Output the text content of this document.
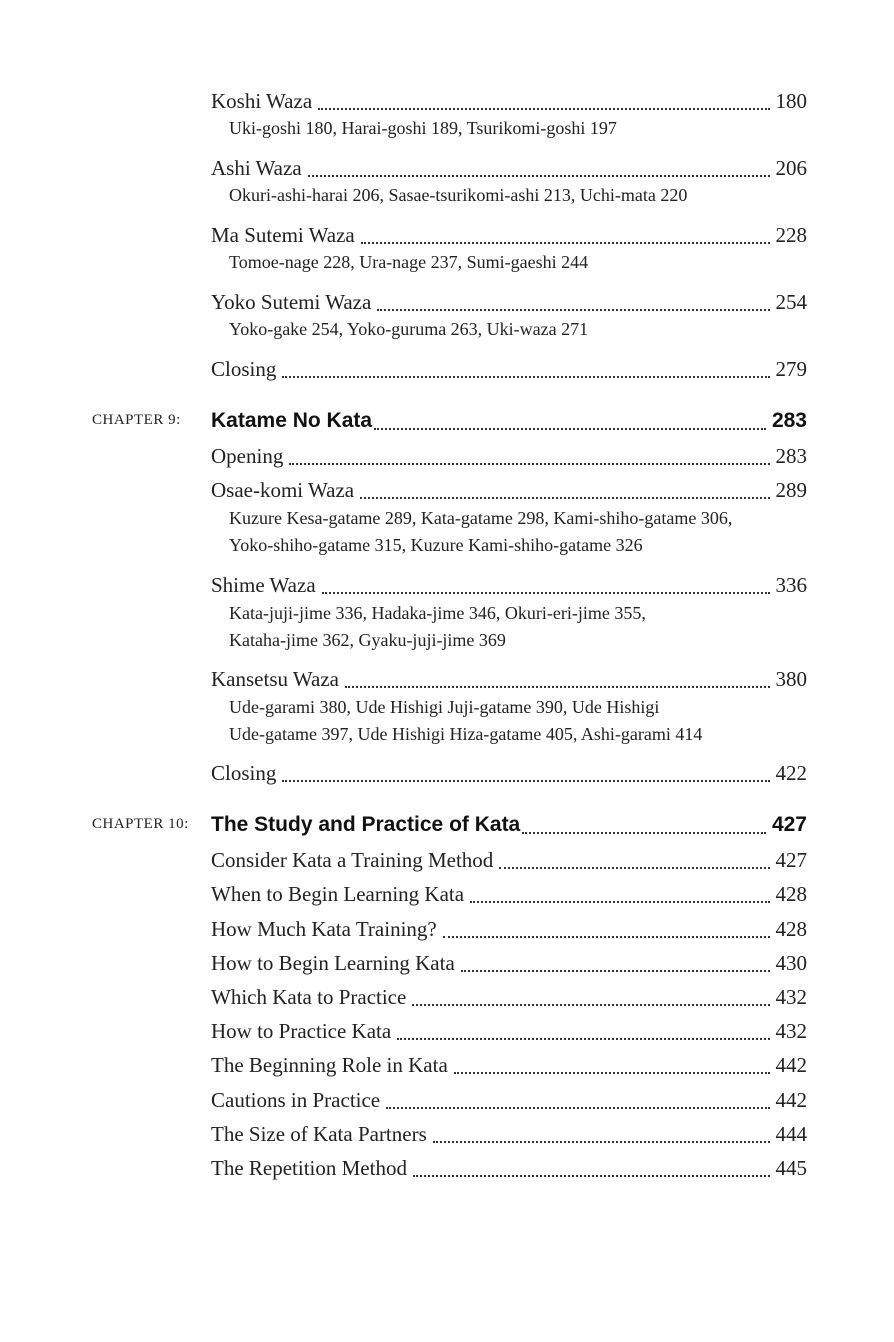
Koshi Waza	180
Uki-goshi 180, Harai-goshi 189, Tsurikomi-goshi 197
Ashi Waza	206
Okuri-ashi-harai 206, Sasae-tsurikomi-ashi 213, Uchi-mata 220
Ma Sutemi Waza	228
Tomoe-nage 228, Ura-nage 237, Sumi-gaeshi 244
Yoko Sutemi Waza	254
Yoko-gake 254, Yoko-guruma 263, Uki-waza 271
Closing	279
CHAPTER 9: Katame No Kata	283
Opening	283
Osae-komi Waza	289
Kuzure Kesa-gatame 289, Kata-gatame 298, Kami-shiho-gatame 306,
Yoko-shiho-gatame 315, Kuzure Kami-shiho-gatame 326
Shime Waza	336
Kata-juji-jime 336, Hadaka-jime 346, Okuri-eri-jime 355,
Kataha-jime 362, Gyaku-juji-jime 369
Kansetsu Waza	380
Ude-garami 380, Ude Hishigi Juji-gatame 390, Ude Hishigi
Ude-gatame 397, Ude Hishigi Hiza-gatame 405, Ashi-garami 414
Closing	422
CHAPTER 10: The Study and Practice of Kata	427
Consider Kata a Training Method	427
When to Begin Learning Kata	428
How Much Kata Training?	428
How to Begin Learning Kata	430
Which Kata to Practice	432
How to Practice Kata	432
The Beginning Role in Kata	442
Cautions in Practice	442
The Size of Kata Partners	444
The Repetition Method	445
